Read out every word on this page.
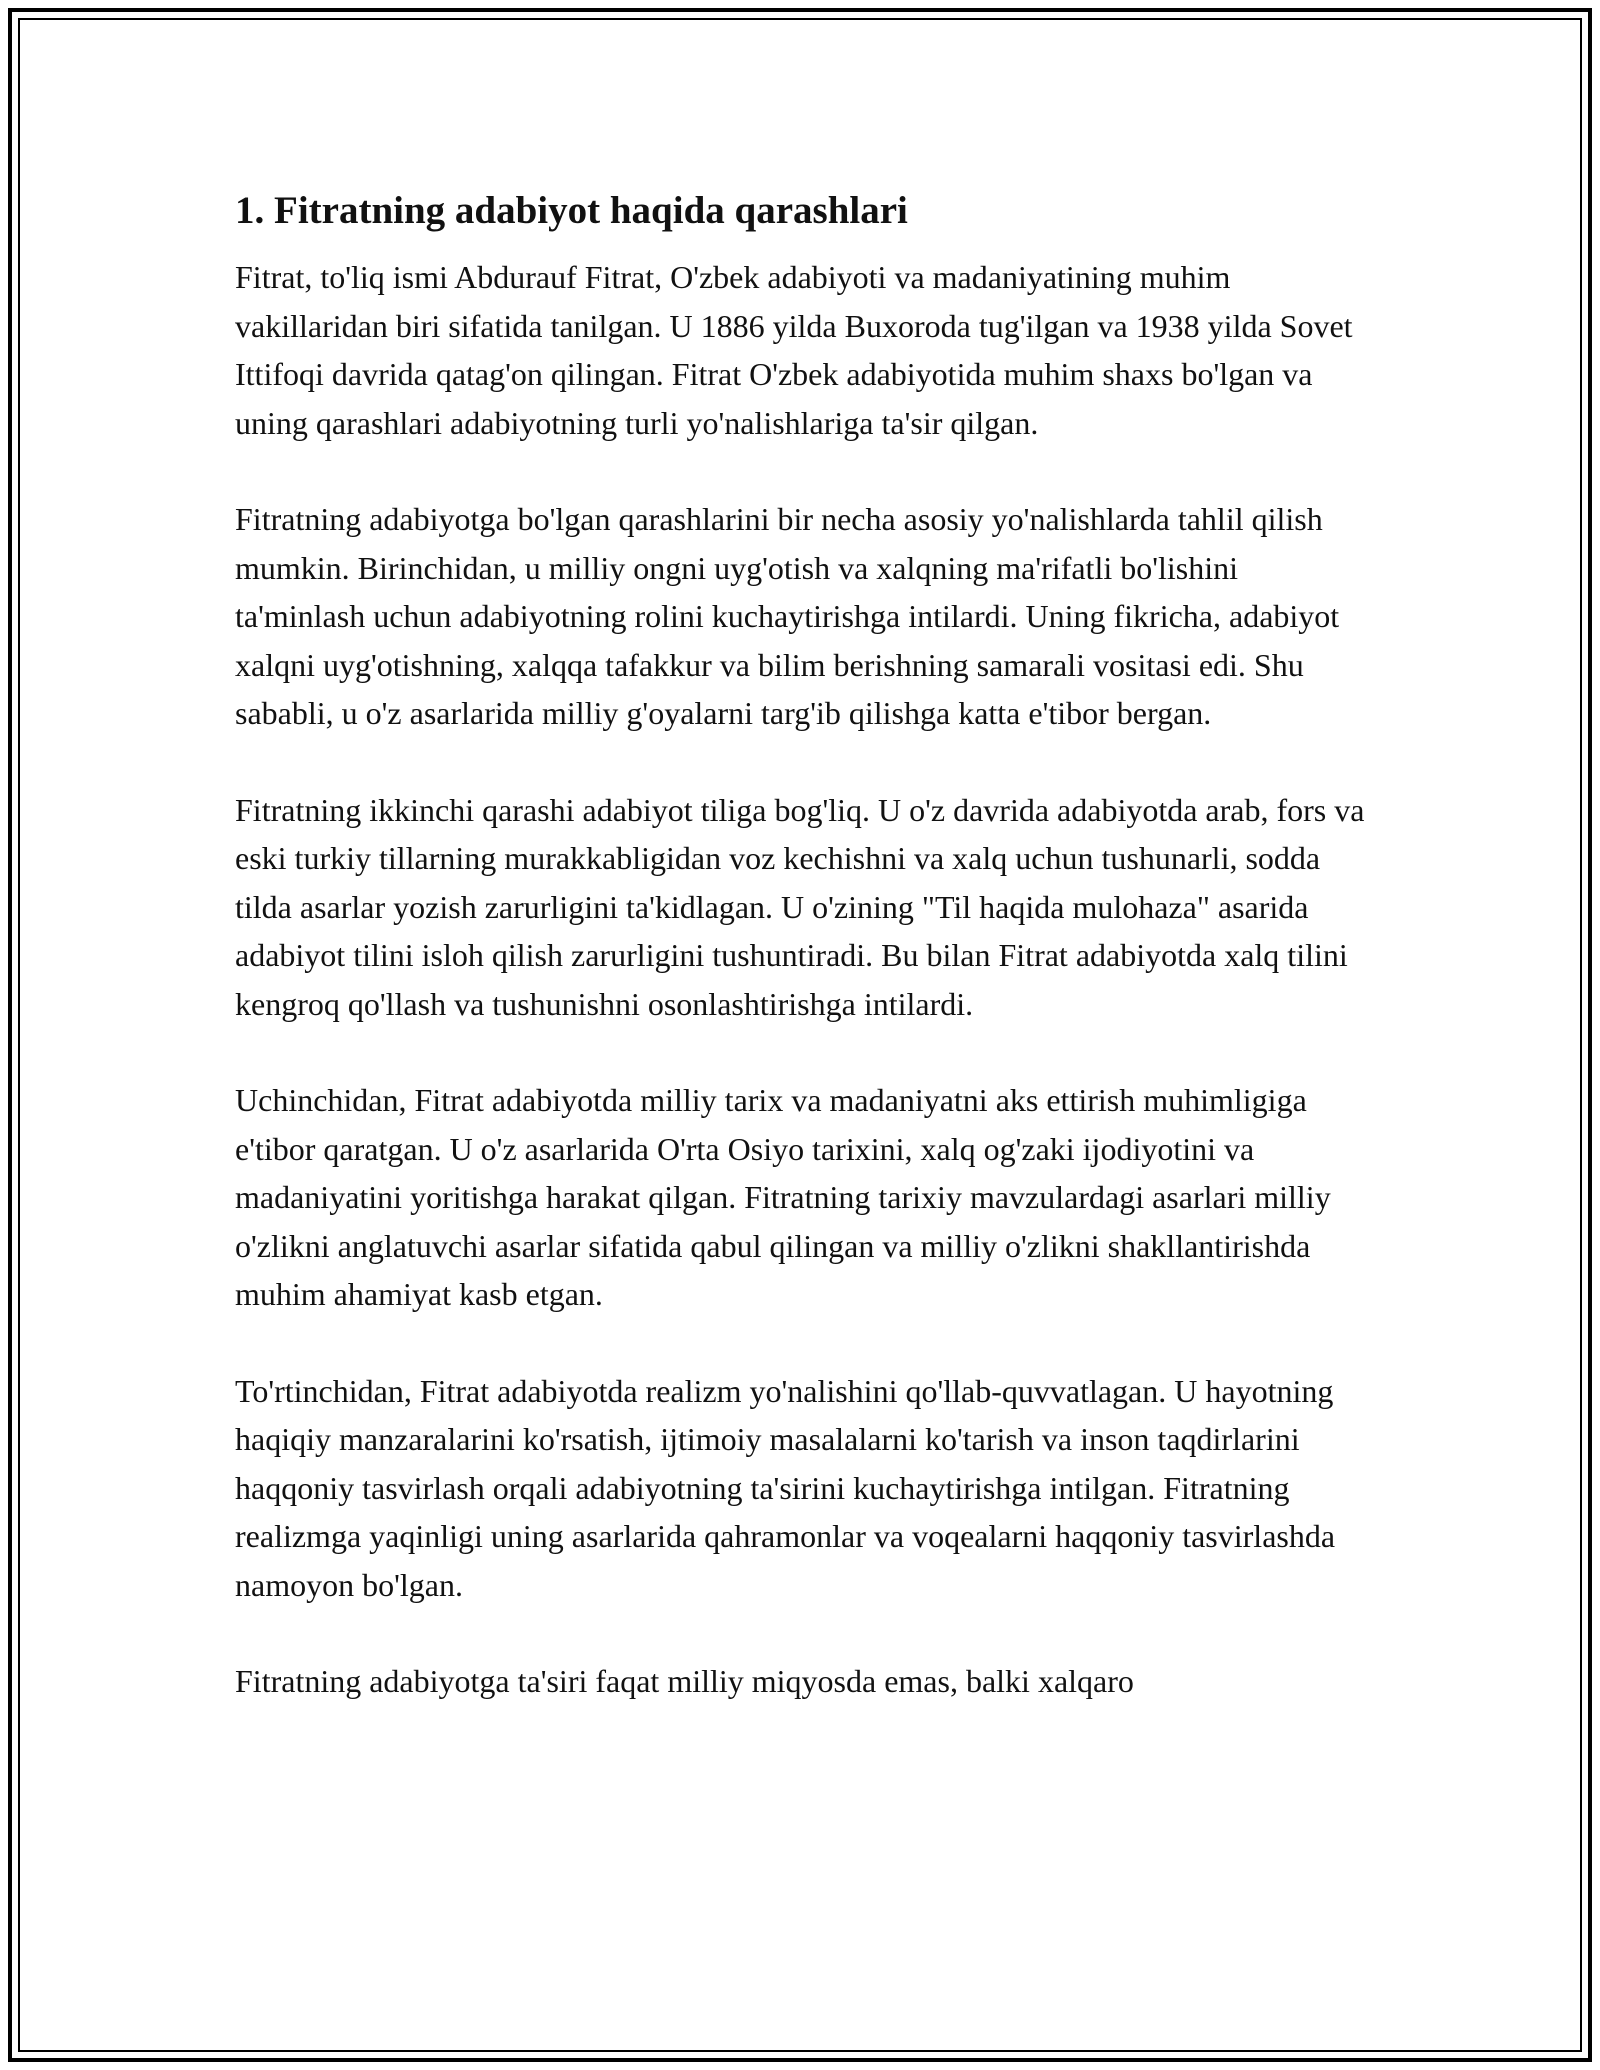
1. Fitratning adabiyot haqida qarashlari

Fitrat, to'liq ismi Abdurauf Fitrat, O'zbek adabiyoti va madaniyatining muhim vakillaridan biri sifatida tanilgan. U 1886 yilda Buxoroda tug'ilgan va 1938 yilda Sovet Ittifoqi davrida qatag'on qilingan. Fitrat O'zbek adabiyotida muhim shaxs bo'lgan va uning qarashlari adabiyotning turli yo'nalishlariga ta'sir qilgan.

Fitratning adabiyotga bo'lgan qarashlarini bir necha asosiy yo'nalishlarda tahlil qilish mumkin. Birinchidan, u milliy ongni uyg'otish va xalqning ma'rifatli bo'lishini ta'minlash uchun adabiyotning rolini kuchaytirishga intilardi. Uning fikricha, adabiyot xalqni uyg'otishning, xalqqa tafakkur va bilim berishning samarali vositasi edi. Shu sababli, u o'z asarlarida milliy g'oyalarni targ'ib qilishga katta e'tibor bergan.

Fitratning ikkinchi qarashi adabiyot tiliga bog'liq. U o'z davrida adabiyotda arab, fors va eski turkiy tillarning murakkabligidan voz kechishni va xalq uchun tushunarli, sodda tilda asarlar yozish zarurligini ta'kidlagan. U o'zining "Til haqida mulohaza" asarida adabiyot tilini isloh qilish zarurligini tushuntiradi. Bu bilan Fitrat adabiyotda xalq tilini kengroq qo'llash va tushunishni osonlashtirishga intilardi.

Uchinchidan, Fitrat adabiyotda milliy tarix va madaniyatni aks ettirish muhimligiga e'tibor qaratgan. U o'z asarlarida O'rta Osiyo tarixini, xalq og'zaki ijodiyotini va madaniyatini yoritishga harakat qilgan. Fitratning tarixiy mavzulardagi asarlari milliy o'zlikni anglatuvchi asarlar sifatida qabul qilingan va milliy o'zlikni shakllantirishda muhim ahamiyat kasb etgan.

To'rtinchidan, Fitrat adabiyotda realizm yo'nalishini qo'llab-quvvatlagan. U hayotning haqiqiy manzaralarini ko'rsatish, ijtimoiy masalalarni ko'tarish va inson taqdirlarini haqqoniy tasvirlash orqali adabiyotning ta'sirini kuchaytirishga intilgan. Fitratning realizmga yaqinligi uning asarlarida qahramonlar va voqealarni haqqoniy tasvirlashda namoyon bo'lgan.

Fitratning adabiyotga ta'siri faqat milliy miqyosda emas, balki xalqaro
